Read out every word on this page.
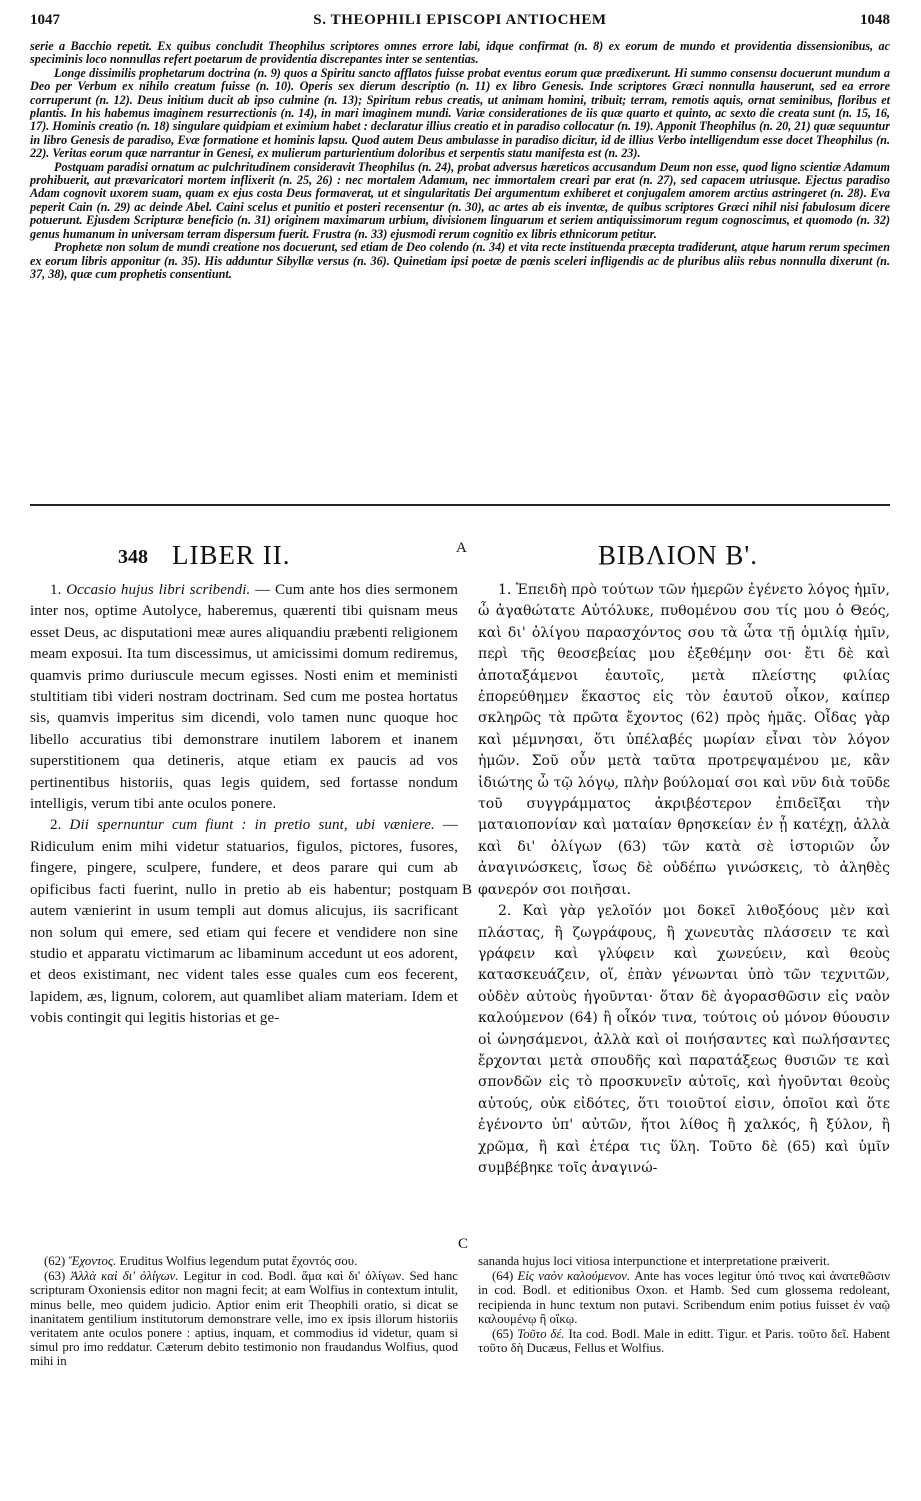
1047	S. THEOPHILI EPISCOPI ANTIOCHEM	1048

serie a Bacchio repetit. Ex quibus concludit Theophilus scriptores omnes errore labi, idque confirmat (n. 8) ex eorum de mundo et providentia dissensionibus, ac speciminis loco nonnullas refert poetarum de providentia discrepantes inter se sententias.

Longe dissimilis prophetarum doctrina (n. 9) quos a Spiritu sancto afflatos fuisse probat eventus eorum quæ prædixerunt. Hi summo consensu docuerunt mundum a Deo per Verbum ex nihilo creatum fuisse (n. 10). Operis sex dierum descriptio (n. 11) ex libro Genesis. Inde scriptores Græci nonnulla hauserunt, sed ea errore corruperunt (n. 12). Deus initium ducit ab ipso culmine (n. 13); Spiritum rebus creatis, ut animam homini, tribuit; terram, remotis aquis, ornat seminibus, floribus et plantis. In his habemus imaginem resurrectionis (n. 14), in mari imaginem mundi. Variæ considerationes de iis quæ quarto et quinto, ac sexto die creata sunt (n. 15, 16, 17). Hominis creatio (n. 18) singulare quidpiam et eximium habet : declaratur illius creatio et in paradiso collocatur (n. 19). Apponit Theophilus (n. 20, 21) quæ sequuntur in libro Genesis de paradiso, Evæ formatione et hominis lapsu. Quod autem Deus ambulasse in paradiso dicitur, id de illius Verbo intelligendum esse docet Theophilus (n. 22). Veritas eorum quæ narrantur in Genesi, ex mulierum parturientium doloribus et serpentis statu manifesta est (n. 23).

Postquam paradisi ornatum ac pulchritudinem consideravit Theophilus (n. 24), probat adversus hæreticos accusandum Deum non esse, quod ligno scientiæ Adamum prohibuerit, aut prævaricatori mortem inflixerit (n. 25, 26) : nec mortalem Adamum, nec immortalem creari par erat (n. 27), sed capacem utriusque. Ejectus paradiso Adam cognovit uxorem suam, quam ex ejus costa Deus formaverat, ut et singularitatis Dei argumentum exhiberet et conjugalem amorem arctius astringeret (n. 28). Eva peperit Cain (n. 29) ac deinde Abel. Caini scelus et punitio et posteri recensentur (n. 30), ac artes ab eis inventæ, de quibus scriptores Græci nihil nisi fabulosum dicere potuerunt. Ejusdem Scripturæ beneficio (n. 31) originem maximarum urbium, divisionem linguarum et seriem antiquissimorum regum cognoscimus, et quomodo (n. 32) genus humanum in universam terram dispersum fuerit. Frustra (n. 33) ejusmodi rerum cognitio ex libris ethnicorum petitur.

Prophetæ non solum de mundi creatione nos docuerunt, sed etiam de Deo colendo (n. 34) et vita recte instituenda præcepta tradiderunt, atque harum rerum specimen ex eorum libris apponitur (n. 35). His adduntur Sibyllæ versus (n. 36). Quinetiam ipsi poetæ de pœnis sceleri infligendis ac de pluribus aliis rebus nonnulla dixerunt (n. 37, 38), quæ cum prophetis consentiunt.

A
B
C
348 LIBER II.

1. Occasio hujus libri scribendi. — Cum ante hos dies sermonem inter nos, optime Autolyce, haberemus, quærenti tibi quisnam meus esset Deus, ac disputationi meæ aures aliquandiu præbenti religionem meam exposui. Ita tum discessimus, ut amicissimi domum rediremus, quamvis primo duriuscule mecum egisses. Nosti enim et meministi stultitiam tibi videri nostram doctrinam. Sed cum me postea hortatus sis, quamvis imperitus sim dicendi, volo tamen nunc quoque hoc libello accuratius tibi demonstrare inutilem laborem et inanem superstitionem qua detineris, atque etiam ex paucis ad vos pertinentibus historiis, quas legis quidem, sed fortasse nondum intelligis, verum tibi ante oculos ponere.

2. Dii spernuntur cum fiunt : in pretio sunt, ubi væniere. — Ridiculum enim mihi videtur statuarios, figulos, pictores, fusores, fingere, pingere, sculpere, fundere, et deos parare qui cum ab opificibus facti fuerint, nullo in pretio ab eis habentur; postquam autem vænierint in usum templi aut domus alicujus, iis sacrificant non solum qui emere, sed etiam qui fecere et vendidere non sine studio et apparatu victimarum ac libaminum accedunt ut eos adorent, et deos existimant, nec vident tales esse quales cum eos fecerent, lapidem, æs, lignum, colorem, aut quamlibet aliam materiam. Idem et vobis contingit qui legitis historias et ge-

ΒΙΒΛΙΟΝ Β'.

1. Ἐπειδὴ πρὸ τούτων τῶν ἡμερῶν ἐγένετο λόγος ἡμῖν, ὦ ἀγαθώτατε Αὐτόλυκε, πυθομένου σου τίς μου ὁ Θεός, καὶ δι' ὀλίγου παρασχόντος σου τὰ ὦτα τῇ ὁμιλίᾳ ἡμῖν, περὶ τῆς θεοσεβείας μου ἐξεθέμην σοι· ἔτι δὲ καὶ ἀποταξάμενοι ἑαυτοῖς, μετὰ πλείστης φιλίας ἐπορεύθημεν ἕκαστος εἰς τὸν ἑαυτοῦ οἶκον, καίπερ σκληρῶς τὰ πρῶτα ἔχοντος (62) πρὸς ἡμᾶς. Οἶδας γὰρ καὶ μέμνησαι, ὅτι ὑπέλαβές μωρίαν εἶναι τὸν λόγον ἡμῶν. Σοῦ οὖν μετὰ ταῦτα προτρεψαμένου με, κἂν ἰδιώτης ὦ τῷ λόγῳ, πλὴν βούλομαί σοι καὶ νῦν διὰ τοῦδε τοῦ συγγράμματος ἀκριβέστερον ἐπιδεῖξαι τὴν ματαιοπονίαν καὶ ματαίαν θρησκείαν ἐν ᾗ κατέχῃ, ἀλλὰ καὶ δι' ὀλίγων (63) τῶν κατὰ σὲ ἱστοριῶν ὧν ἀναγινώσκεις, ἴσως δὲ οὐδέπω γινώσκεις, τὸ ἀληθὲς φανερόν σοι ποιῆσαι.

2. Καὶ γὰρ γελοῖόν μοι δοκεῖ λιθοξόους μὲν καὶ πλάστας, ἢ ζωγράφους, ἢ χωνευτὰς πλάσσειν τε καὶ γράφειν καὶ γλύφειν καὶ χωνεύειν, καὶ θεοὺς κατασκευάζειν, οἵ, ἐπὰν γένωνται ὑπὸ τῶν τεχνιτῶν, οὐδὲν αὐτοὺς ἡγοῦνται· ὅταν δὲ ἀγορασθῶσιν εἰς ναὸν καλούμενον (64) ἢ οἶκόν τινα, τούτοις οὐ μόνον θύουσιν οἱ ὠνησάμενοι, ἀλλὰ καὶ οἱ ποιήσαντες καὶ πωλήσαντες ἔρχονται μετὰ σπουδῆς καὶ παρατάξεως θυσιῶν τε καὶ σπονδῶν εἰς τὸ προσκυνεῖν αὐτοῖς, καὶ ἡγοῦνται θεοὺς αὐτούς, οὐκ εἰδότες, ὅτι τοιοῦτοί εἰσιν, ὁποῖοι καὶ ὅτε ἐγένοντο ὑπ' αὐτῶν, ἤτοι λίθος ἢ χαλκός, ἢ ξύλον, ἢ χρῶμα, ἢ καὶ ἑτέρα τις ὕλη. Τοῦτο δὲ (65) καὶ ὑμῖν συμβέβηκε τοῖς ἀναγινώ-

(62) Ἔχοντος. Eruditus Wolfius legendum putat ἔχοντός σου.

(63) Ἀλλὰ καὶ δι' ὀλίγων. Legitur in cod. Bodl. ἅμα καὶ δι' ὀλίγων. Sed hanc scripturam Oxoniensis editor non magni fecit; at eam Wolfius in contextum intulit, minus belle, meo quidem judicio. Aptior enim erit Theophili oratio, si dicat se inanitatem gentilium institutorum demonstrare velle, imo ex ipsis illorum historiis veritatem ante oculos ponere : aptius, inquam, et commodius id videtur, quam si simul pro imo reddatur. Cæterum debito testimonio non fraudandus Wolfius, quod mihi in

sananda hujus loci vitiosa interpunctione et interpretatione præiverit.

(64) Εἰς ναὸν καλούμενον. Ante has voces legitur ὑπό τινος καὶ ἀνατεθῶσιν in cod. Bodl. et editionibus Oxon. et Hamb. Sed cum glossema redoleant, recipienda in hunc textum non putavi. Scribendum enim potius fuisset ἐν ναῷ καλουμένῳ ἢ οἴκῳ.

(65) Τοῦτο δέ. Ita cod. Bodl. Male in editt. Tigur. et Paris. τοῦτο δεῖ. Habent τοῦτο δὴ Ducæus, Fellus et Wolfius.
